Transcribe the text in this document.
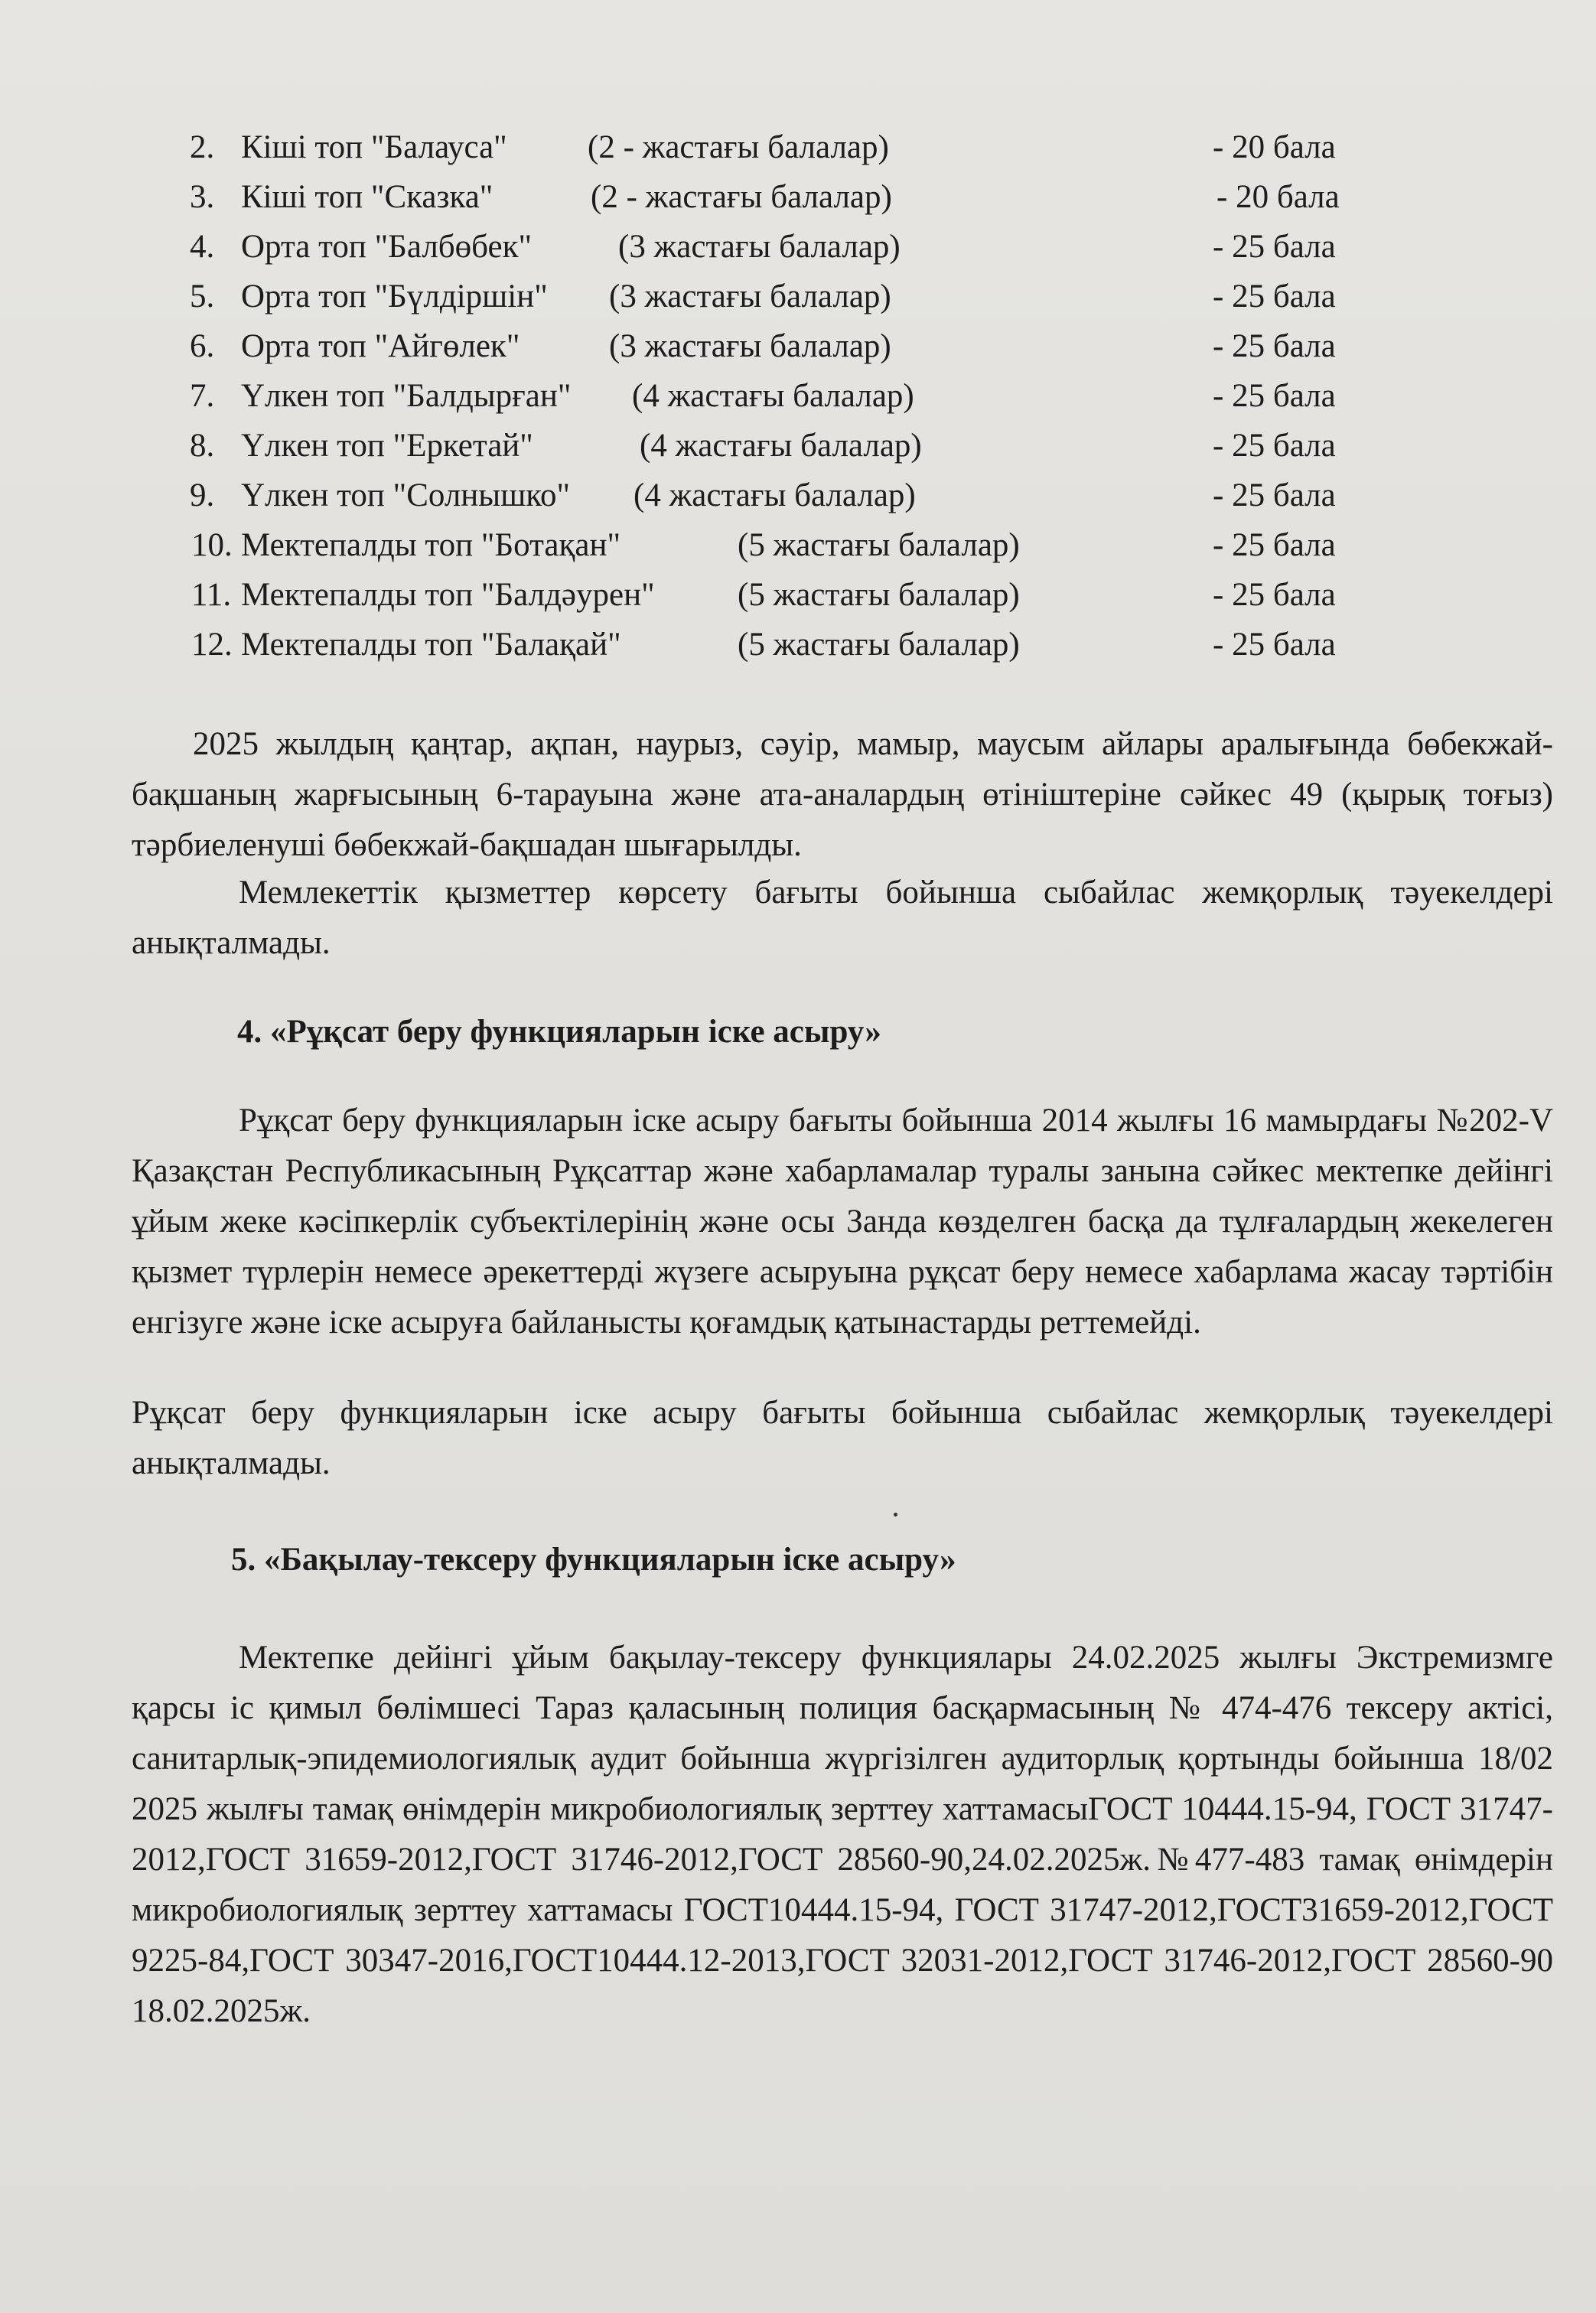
2. Кіші топ "Балауса" (2 - жастағы балалар)	- 20 бала
3. Кіші топ "Сказка"	(2 - жастағы балалар)	- 20 бала
4. Орта топ "Балбөбек"	(3 жастағы балалар)	- 25 бала
5. Орта топ "Бүлдіршін" (3 жастағы балалар)	- 25 бала
6. Орта топ "Айгөлек"	(3 жастағы балалар)	- 25 бала
7. Үлкен топ "Балдырған" (4 жастағы балалар)	- 25 бала
8. Үлкен топ "Еркетай"	(4 жастағы балалар)	- 25 бала
9. Үлкен топ "Солнышко" (4 жастағы балалар)	- 25 бала
10. Мектепалды топ "Ботақан"	(5 жастағы балалар)	- 25 бала
11. Мектепалды топ "Балдәурен"	(5 жастағы балалар)	- 25 бала
12. Мектепалды топ "Балақай"	(5 жастағы балалар)	- 25 бала

2025 жылдың қаңтар, ақпан, наурыз, сәуір, мамыр, маусым айлары аралығында бөбекжай-бақшаның жарғысының 6-тарауына және ата-аналардың өтініштеріне сәйкес 49 (қырық тоғыз) тәрбиеленуші бөбекжай-бақшадан шығарылды.

Мемлекеттік қызметтер көрсету бағыты бойынша сыбайлас жемқорлық тәуекелдері анықталмады.

4. «Рұқсат беру функцияларын іске асыру»

Рұқсат беру функцияларын іске асыру бағыты бойынша 2014 жылғы 16 мамырдағы №202-V Қазақстан Республикасының Рұқсаттар және хабарламалар туралы занына сәйкес мектепке дейінгі ұйым жеке кәсіпкерлік субъектілерінің және осы Занда көзделген басқа да тұлғалардың жекелеген қызмет түрлерін немесе әрекеттерді жүзеге асыруына рұқсат беру немесе хабарлама жасау тәртібін енгізуге және іске асыруға байланысты қоғамдық қатынастарды реттемейді.

Рұқсат беру функцияларын іске асыру бағыты бойынша сыбайлас жемқорлық тәуекелдері анықталмады.

5. «Бақылау-тексеру функцияларын іске асыру»

Мектепке дейінгі ұйым бақылау-тексеру функциялары 24.02.2025 жылғы Экстремизмге қарсы іс қимыл бөлімшесі Тараз қаласының полиция басқармасының № 474-476 тексеру актісі, санитарлық-эпидемиологиялық аудит бойынша жүргізілген аудиторлық қортынды бойынша 18/02 2025 жылғы тамақ өнімдерін микробиологиялық зерттеу хаттамасыГОСТ 10444.15-94, ГОСТ 31747-2012,ГОСТ 31659-2012,ГОСТ 31746-2012,ГОСТ 28560-90,24.02.2025ж.№477-483 тамақ өнімдерін микробиологиялық зерттеу хаттамасы ГОСТ10444.15-94, ГОСТ 31747-2012,ГОСТ31659-2012,ГОСТ 9225-84,ГОСТ 30347-2016,ГОСТ10444.12-2013,ГОСТ 32031-2012,ГОСТ 31746-2012,ГОСТ 28560-90 18.02.2025ж.
